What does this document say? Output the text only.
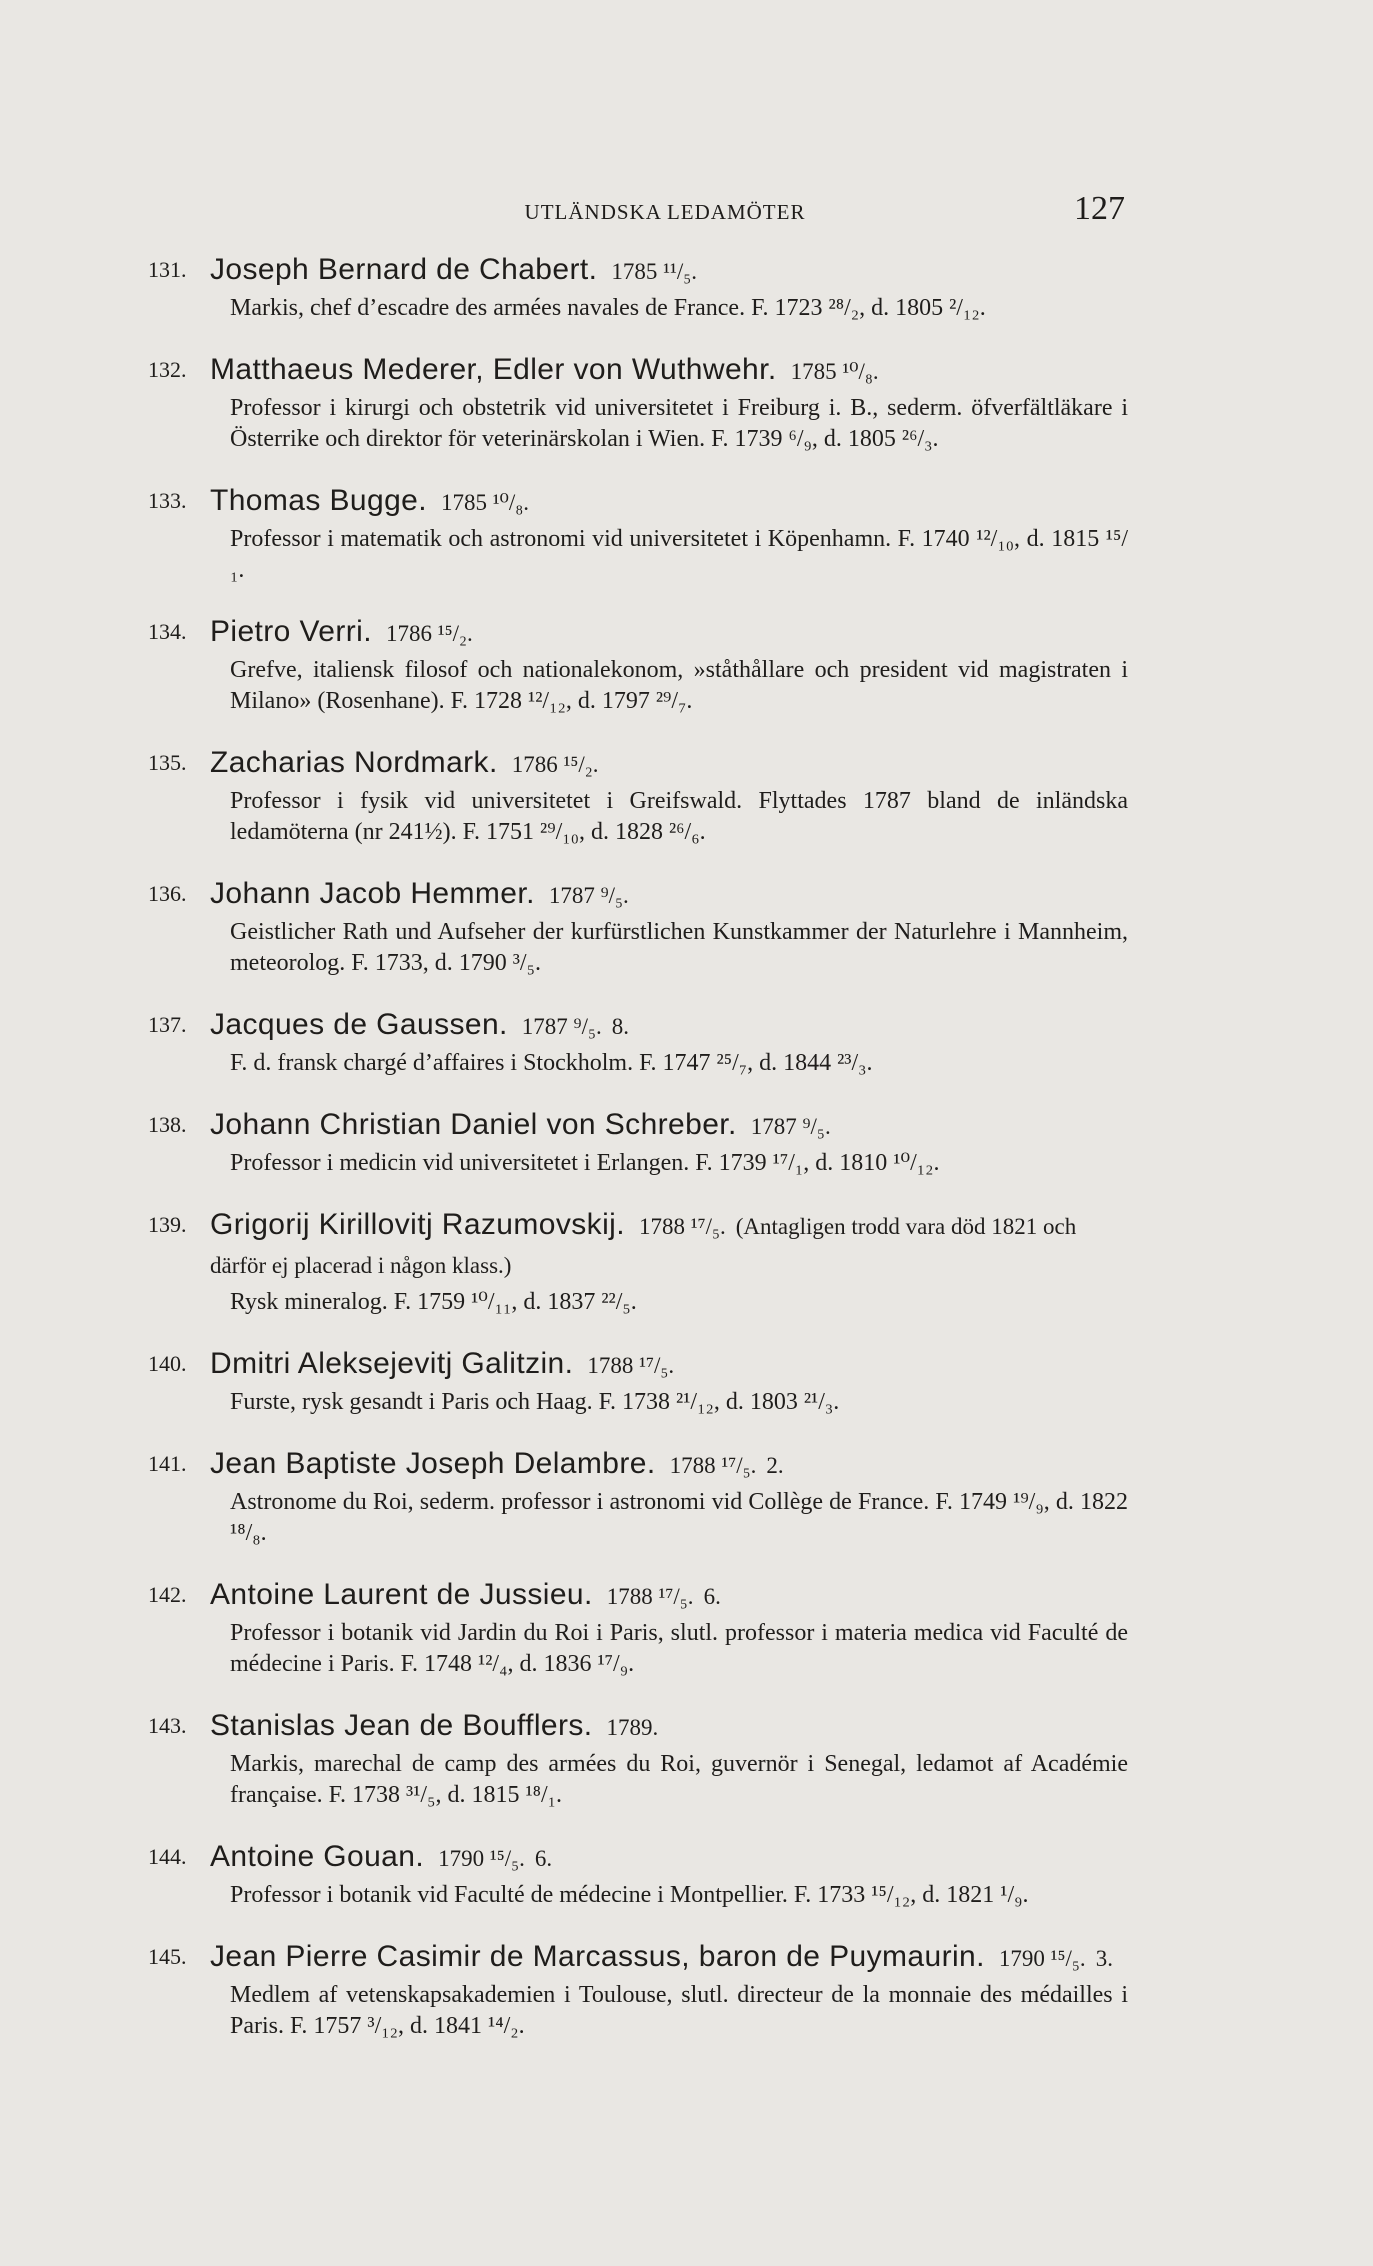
UTLÄNDSKA LEDAMÖTER	127
131. Joseph Bernard de Chabert. 1785 ¹¹/₅.
Markis, chef d’escadre des armées navales de France. F. 1723 ²⁸/₂, d. 1805 ²/₁₂.
132. Matthaeus Mederer, Edler von Wuthwehr. 1785 ¹⁰/₈.
Professor i kirurgi och obstetrik vid universitetet i Freiburg i. B., sederm. öfverfältläkare i Österrike och direktor för veterinärskolan i Wien. F. 1739 ⁶/₉, d. 1805 ²⁶/₃.
133. Thomas Bugge. 1785 ¹⁰/₈.
Professor i matematik och astronomi vid universitetet i Köpenhamn. F. 1740 ¹²/₁₀, d. 1815 ¹⁵/₁.
134. Pietro Verri. 1786 ¹⁵/₂.
Grefve, italiensk filosof och nationalekonom, »ståthållare och president vid magistraten i Milano» (Rosenhane). F. 1728 ¹²/₁₂, d. 1797 ²⁹/₇.
135. Zacharias Nordmark. 1786 ¹⁵/₂.
Professor i fysik vid universitetet i Greifswald. Flyttades 1787 bland de inländska ledamöterna (nr 241½). F. 1751 ²⁹/₁₀, d. 1828 ²⁶/₆.
136. Johann Jacob Hemmer. 1787 ⁹/₅.
Geistlicher Rath und Aufseher der kurfürstlichen Kunstkammer der Naturlehre i Mannheim, meteorolog. F. 1733, d. 1790 ³/₅.
137. Jacques de Gaussen. 1787 ⁹/₅. 8.
F. d. fransk chargé d’affaires i Stockholm. F. 1747 ²⁵/₇, d. 1844 ²³/₃.
138. Johann Christian Daniel von Schreber. 1787 ⁹/₅.
Professor i medicin vid universitetet i Erlangen. F. 1739 ¹⁷/₁, d. 1810 ¹⁰/₁₂.
139. Grigorij Kirillovitj Razumovskij. 1788 ¹⁷/₅. (Antagligen trodd vara död 1821 och därför ej placerad i någon klass.)
Rysk mineralog. F. 1759 ¹⁰/₁₁, d. 1837 ²²/₅.
140. Dmitri Aleksejevitj Galitzin. 1788 ¹⁷/₅.
Furste, rysk gesandt i Paris och Haag. F. 1738 ²¹/₁₂, d. 1803 ²¹/₃.
141. Jean Baptiste Joseph Delambre. 1788 ¹⁷/₅. 2.
Astronome du Roi, sederm. professor i astronomi vid Collège de France. F. 1749 ¹⁹/₉, d. 1822 ¹⁸/₈.
142. Antoine Laurent de Jussieu. 1788 ¹⁷/₅. 6.
Professor i botanik vid Jardin du Roi i Paris, slutl. professor i materia medica vid Faculté de médecine i Paris. F. 1748 ¹²/₄, d. 1836 ¹⁷/₉.
143. Stanislas Jean de Boufflers. 1789.
Markis, marechal de camp des armées du Roi, guvernör i Senegal, ledamot af Académie française. F. 1738 ³¹/₅, d. 1815 ¹⁸/₁.
144. Antoine Gouan. 1790 ¹⁵/₅. 6.
Professor i botanik vid Faculté de médecine i Montpellier. F. 1733 ¹⁵/₁₂, d. 1821 ¹/₉.
145. Jean Pierre Casimir de Marcassus, baron de Puymaurin. 1790 ¹⁵/₅. 3.
Medlem af vetenskapsakademien i Toulouse, slutl. directeur de la monnaie des médailles i Paris. F. 1757 ³/₁₂, d. 1841 ¹⁴/₂.
